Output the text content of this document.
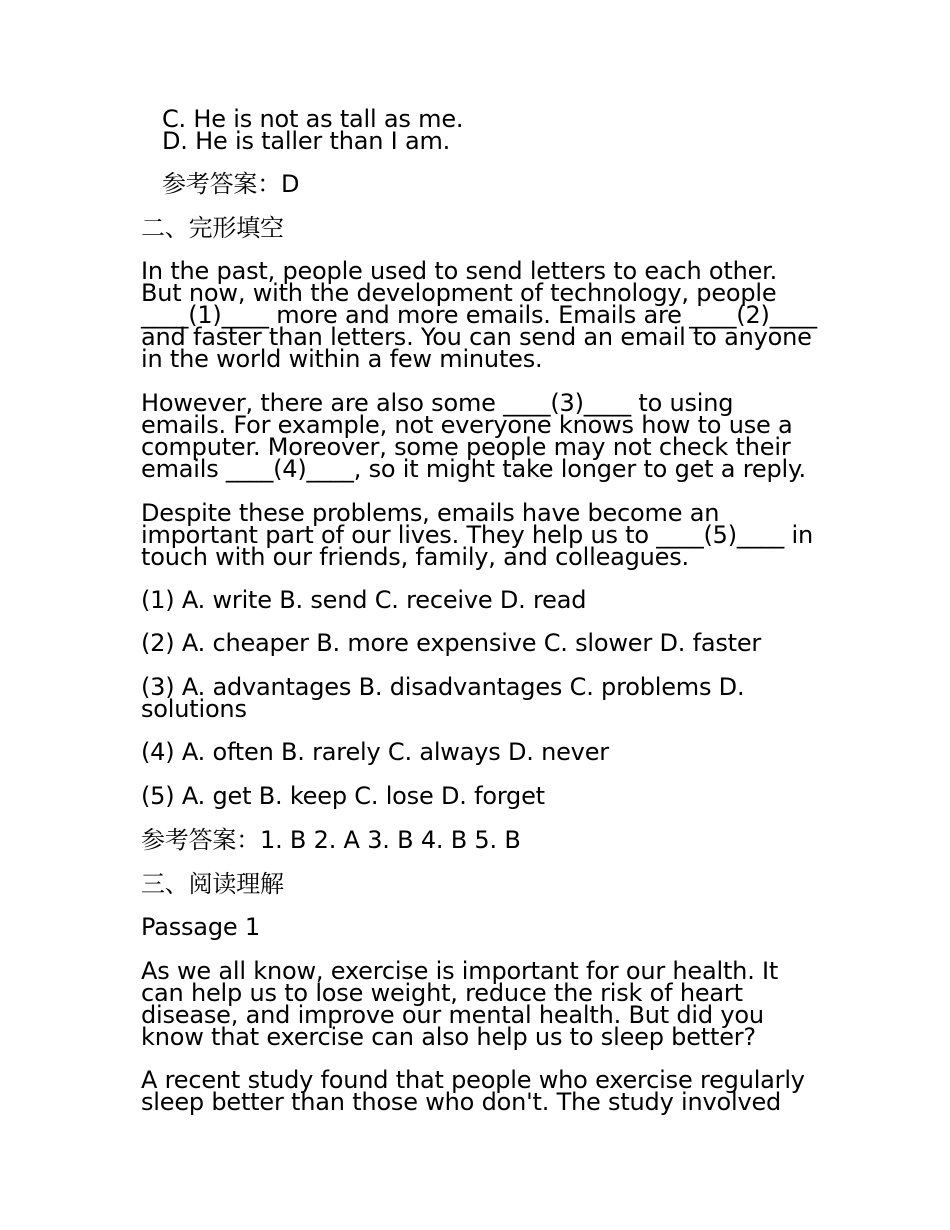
C. He is not as tall as me.
D. He is taller than I am.
参考答案：D
二、完形填空

In the past, people used to send letters to each other. But now, with the development of technology, people ____(1)____ more and more emails. Emails are ____(2)____ and faster than letters. You can send an email to anyone in the world within a few minutes.

However, there are also some ____(3)____ to using emails. For example, not everyone knows how to use a computer. Moreover, some people may not check their emails ____(4)____, so it might take longer to get a reply.

Despite these problems, emails have become an important part of our lives. They help us to ____(5)____ in touch with our friends, family, and colleagues.

(1) A. write B. send C. receive D. read
(2) A. cheaper B. more expensive C. slower D. faster
(3) A. advantages B. disadvantages C. problems D. solutions
(4) A. often B. rarely C. always D. never
(5) A. get B. keep C. lose D. forget
参考答案：1. B 2. A 3. B 4. B 5. B
三、阅读理解
Passage 1

As we all know, exercise is important for our health. It can help us to lose weight, reduce the risk of heart disease, and improve our mental health. But did you know that exercise can also help us to sleep better?

A recent study found that people who exercise regularly sleep better than those who don't. The study involved
